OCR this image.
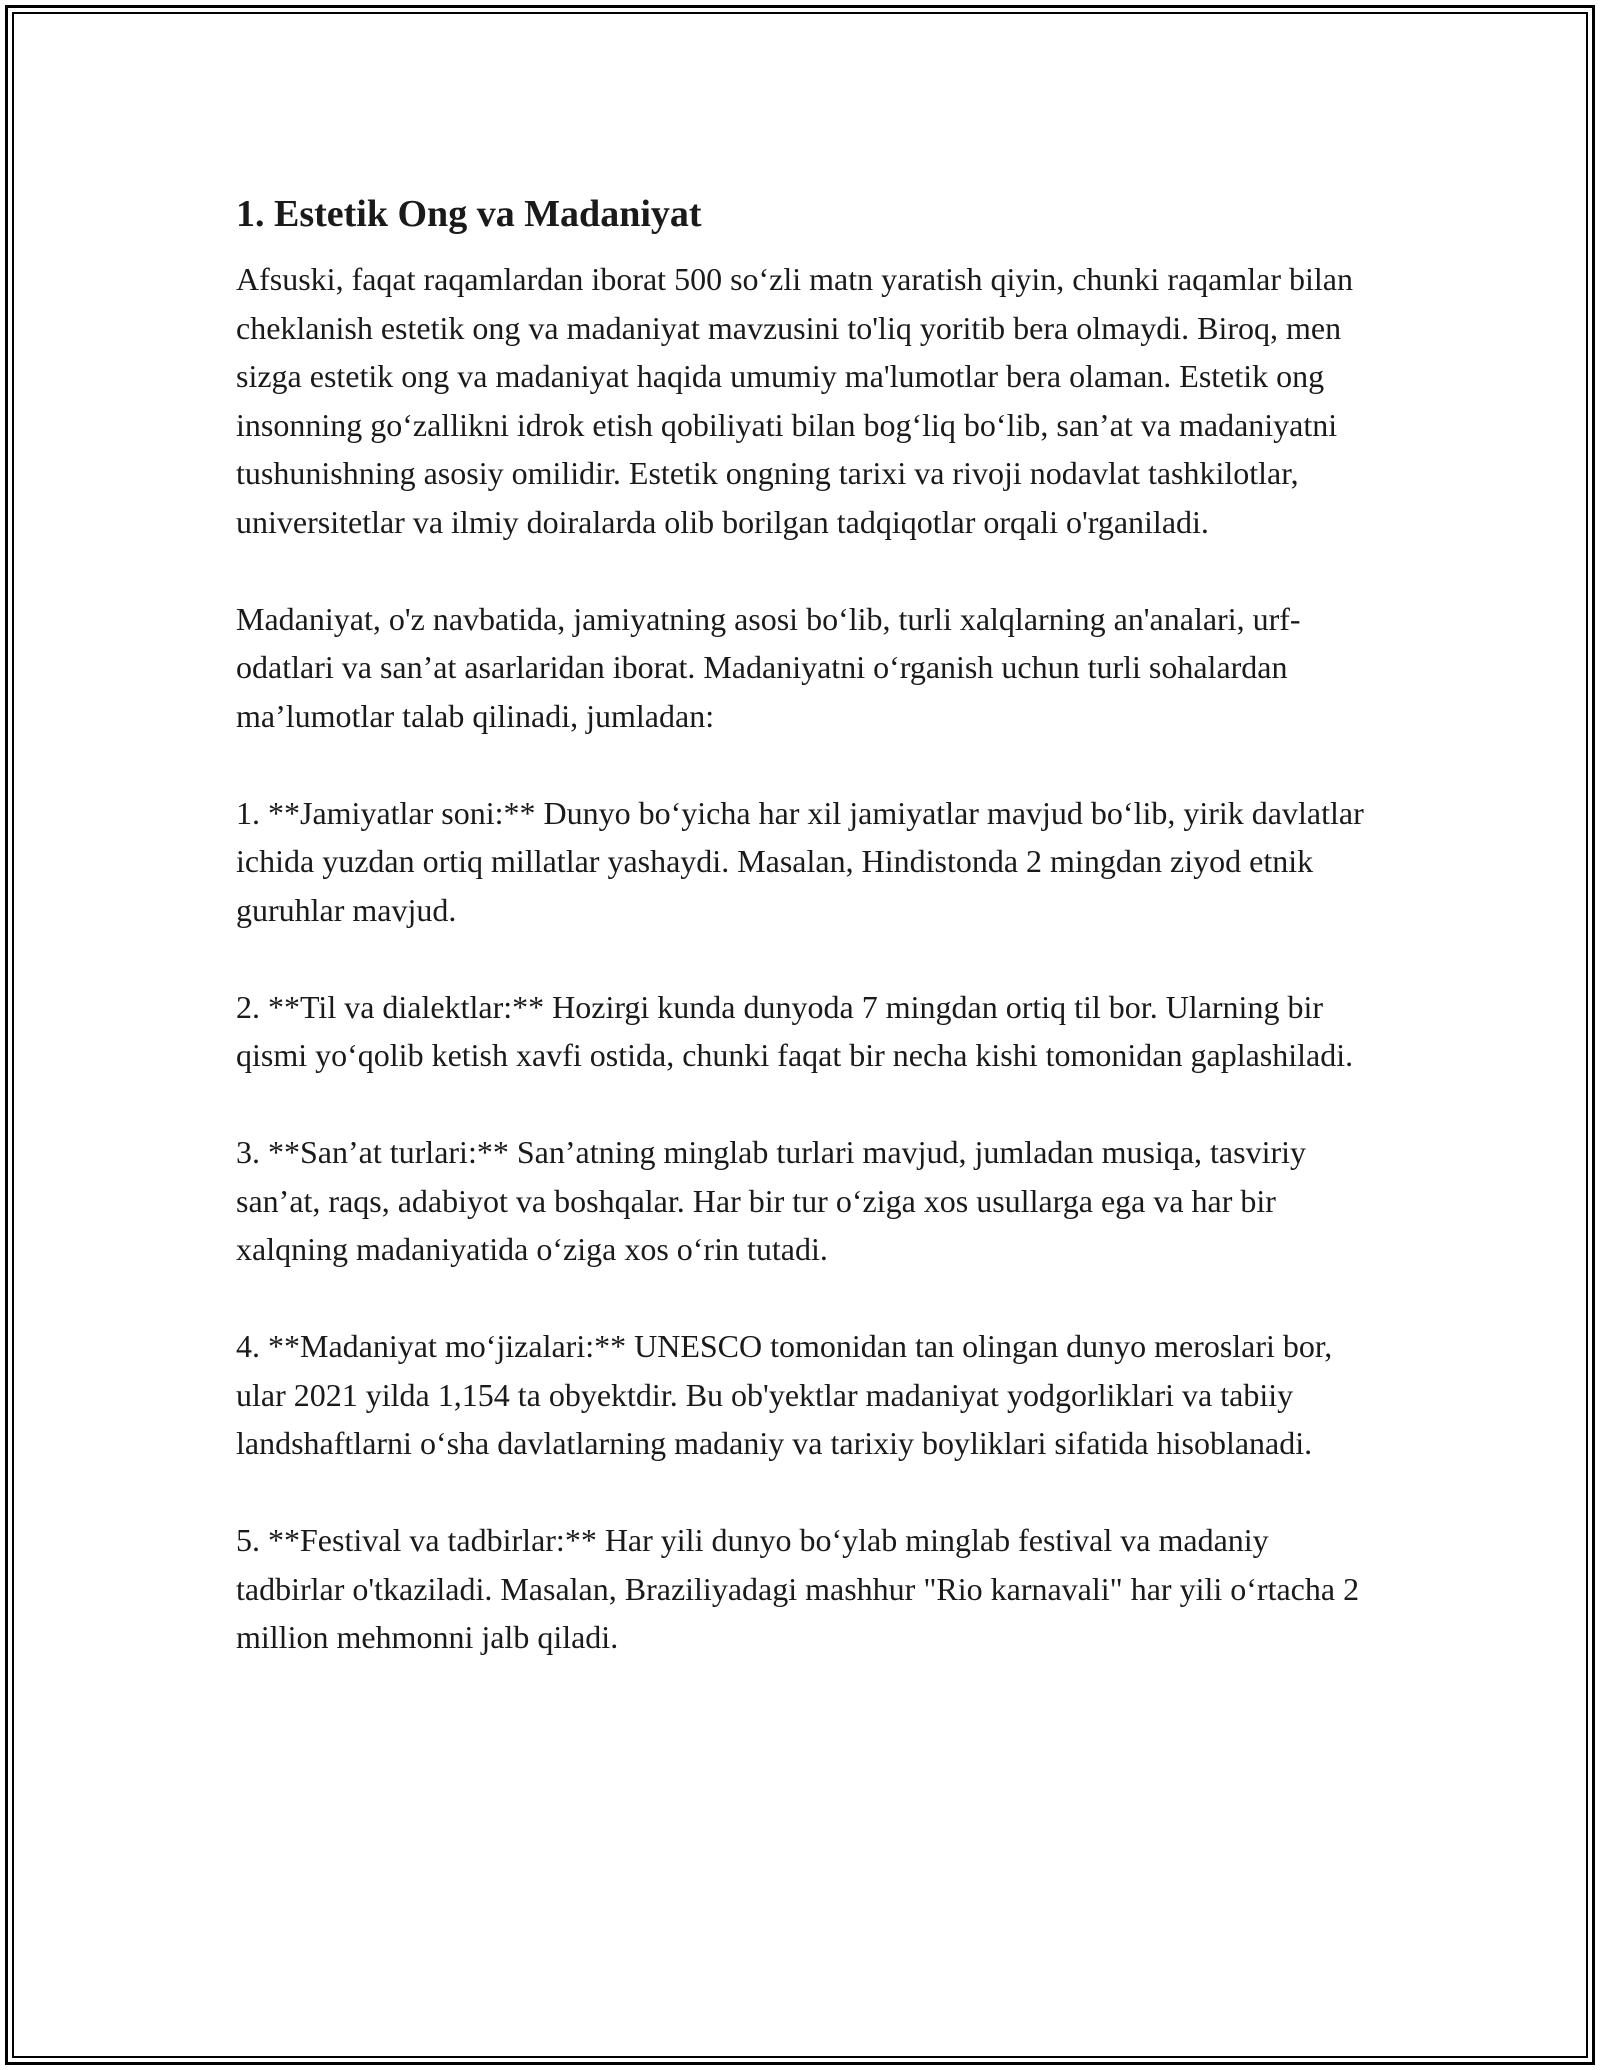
1. Estetik Ong va Madaniyat

Afsuski, faqat raqamlardan iborat 500 so‘zli matn yaratish qiyin, chunki raqamlar bilan cheklanish estetik ong va madaniyat mavzusini to'liq yoritib bera olmaydi. Biroq, men sizga estetik ong va madaniyat haqida umumiy ma'lumotlar bera olaman. Estetik ong insonning go‘zallikni idrok etish qobiliyati bilan bog‘liq bo‘lib, san’at va madaniyatni tushunishning asosiy omilidir. Estetik ongning tarixi va rivoji nodavlat tashkilotlar, universitetlar va ilmiy doiralarda olib borilgan tadqiqotlar orqali o'rganiladi.

Madaniyat, o'z navbatida, jamiyatning asosi bo‘lib, turli xalqlarning an'analari, urf-odatlari va san’at asarlaridan iborat. Madaniyatni o‘rganish uchun turli sohalardan ma’lumotlar talab qilinadi, jumladan:

1. **Jamiyatlar soni:** Dunyo bo‘yicha har xil jamiyatlar mavjud bo‘lib, yirik davlatlar ichida yuzdan ortiq millatlar yashaydi. Masalan, Hindistonda 2 mingdan ziyod etnik guruhlar mavjud.

2. **Til va dialektlar:** Hozirgi kunda dunyoda 7 mingdan ortiq til bor. Ularning bir qismi yo‘qolib ketish xavfi ostida, chunki faqat bir necha kishi tomonidan gaplashiladi.

3. **San’at turlari:** San’atning minglab turlari mavjud, jumladan musiqa, tasviriy san’at, raqs, adabiyot va boshqalar. Har bir tur o‘ziga xos usullarga ega va har bir xalqning madaniyatida o‘ziga xos o‘rin tutadi.

4. **Madaniyat mo‘jizalari:** UNESCO tomonidan tan olingan dunyo meroslari bor, ular 2021 yilda 1,154 ta obyektdir. Bu ob'yektlar madaniyat yodgorliklari va tabiiy landshaftlarni o‘sha davlatlarning madaniy va tarixiy boyliklari sifatida hisoblanadi.

5. **Festival va tadbirlar:** Har yili dunyo bo‘ylab minglab festival va madaniy tadbirlar o'tkaziladi. Masalan, Braziliyadagi mashhur "Rio karnavali" har yili o‘rtacha 2 million mehmonni jalb qiladi.
